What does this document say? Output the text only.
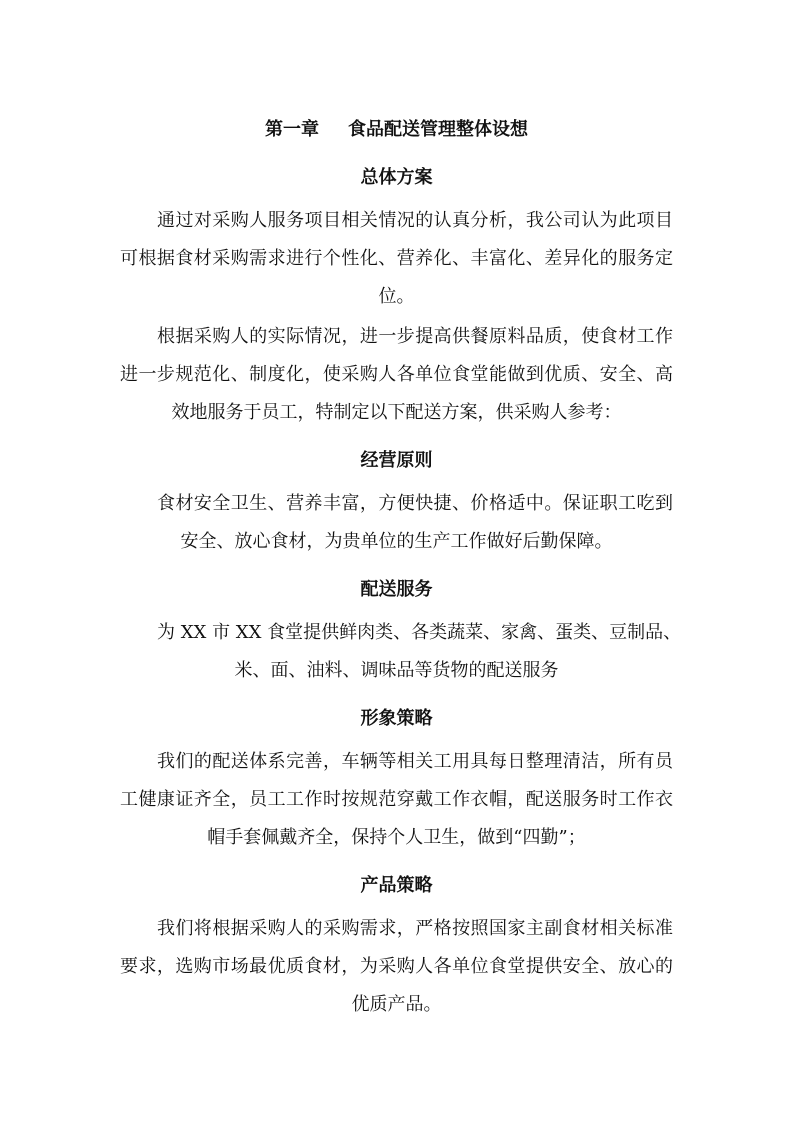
第一章 食品配送管理整体设想
总体方案
通过对采购人服务项目相关情况的认真分析，我公司认为此项目
可根据食材采购需求进行个性化、营养化、丰富化、差异化的服务定
位。
根据采购人的实际情况，进一步提高供餐原料品质，使食材工作
进一步规范化、制度化，使采购人各单位食堂能做到优质、安全、高
效地服务于员工，特制定以下配送方案，供采购人参考：
经营原则
食材安全卫生、营养丰富，方便快捷、价格适中。保证职工吃到
安全、放心食材，为贵单位的生产工作做好后勤保障。
配送服务
为 XX 市 XX 食堂提供鲜肉类、各类蔬菜、家禽、蛋类、豆制品、
米、面、油料、调味品等货物的配送服务
形象策略
我们的配送体系完善，车辆等相关工用具每日整理清洁，所有员
工健康证齐全，员工工作时按规范穿戴工作衣帽，配送服务时工作衣
帽手套佩戴齐全，保持个人卫生，做到“四勤”；
产品策略
我们将根据采购人的采购需求，严格按照国家主副食材相关标准
要求，选购市场最优质食材，为采购人各单位食堂提供安全、放心的
优质产品。
